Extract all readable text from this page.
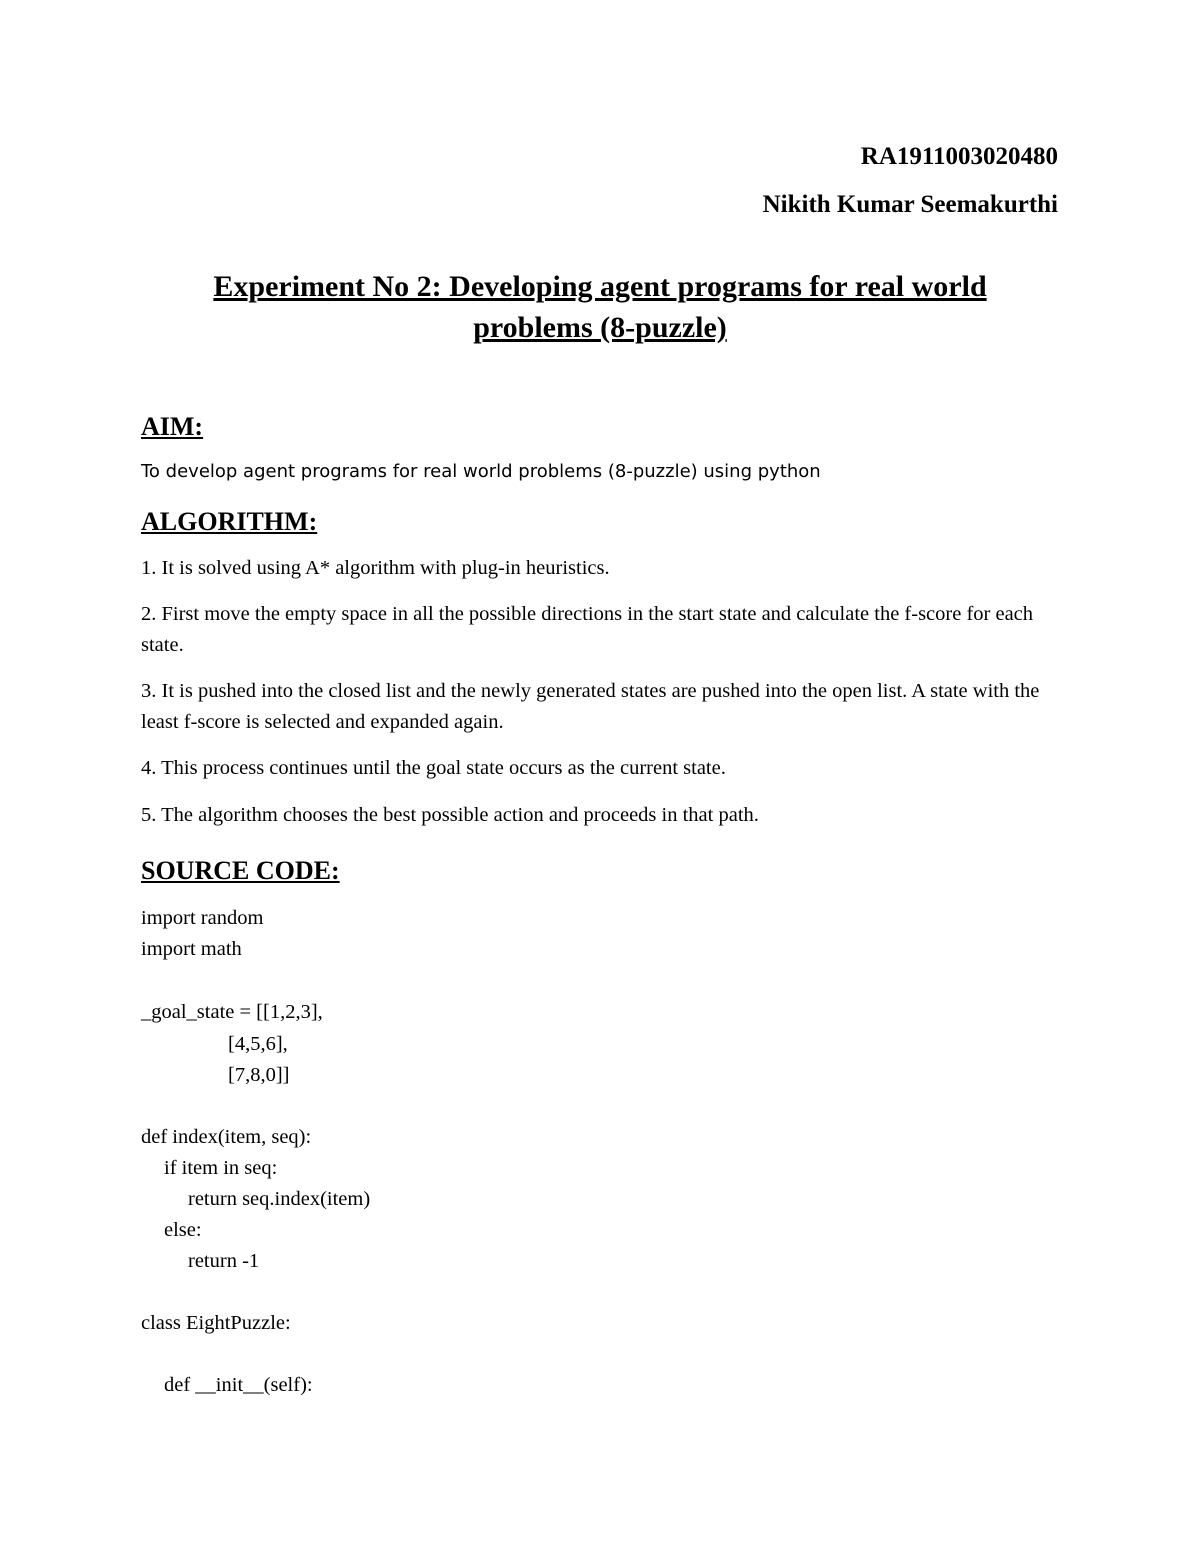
RA1911003020480
Nikith Kumar Seemakurthi
Experiment No 2: Developing agent programs for real world
problems (8-puzzle)
AIM:
To develop agent programs for real world problems (8-puzzle) using python
ALGORITHM:
1. It is solved using A* algorithm with plug-in heuristics.
2. First move the empty space in all the possible directions in the start state and calculate the f-score for each state.
3. It is pushed into the closed list and the newly generated states are pushed into the open list. A state with the least f-score is selected and expanded again.
4. This process continues until the goal state occurs as the current state.
5. The algorithm chooses the best possible action and proceeds in that path.
SOURCE CODE:
import random
import math
_goal_state = [[1,2,3],
[4,5,6],
[7,8,0]]
def index(item, seq):
if item in seq:
return seq.index(item)
else:
return -1
class EightPuzzle:
def __init__(self):
